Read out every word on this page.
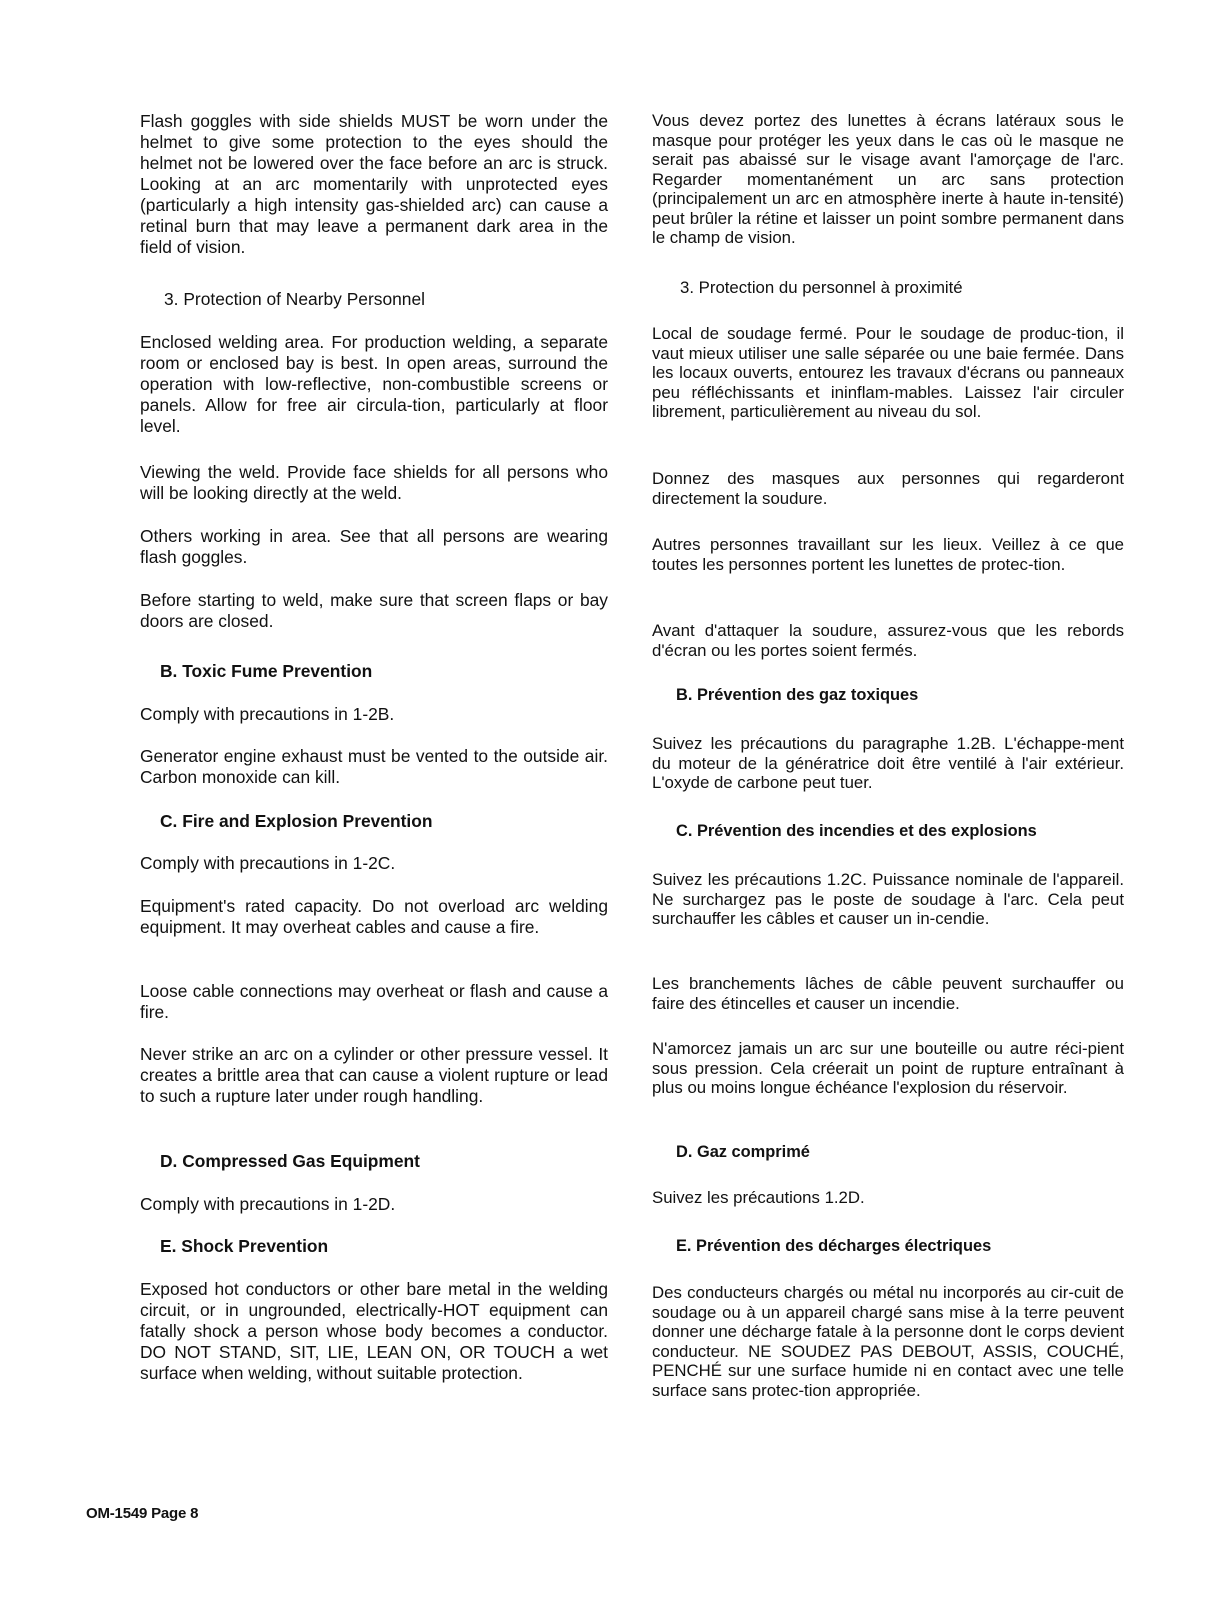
Flash goggles with side shields MUST be worn under the helmet to give some protection to the eyes should the helmet not be lowered over the face before an arc is struck. Looking at an arc momentarily with unprotected eyes (particularly a high intensity gas-shielded arc) can cause a retinal burn that may leave a permanent dark area in the field of vision.

3. Protection of Nearby Personnel

Enclosed welding area. For production welding, a separate room or enclosed bay is best. In open areas, surround the operation with low-reflective, non-combustible screens or panels. Allow for free air circula-tion, particularly at floor level.

Viewing the weld. Provide face shields for all persons who will be looking directly at the weld.

Others working in area. See that all persons are wearing flash goggles.

Before starting to weld, make sure that screen flaps or bay doors are closed.

B. Toxic Fume Prevention

Comply with precautions in 1-2B.

Generator engine exhaust must be vented to the outside air. Carbon monoxide can kill.

C. Fire and Explosion Prevention

Comply with precautions in 1-2C.

Equipment's rated capacity. Do not overload arc welding equipment. It may overheat cables and cause a fire.

Loose cable connections may overheat or flash and cause a fire.

Never strike an arc on a cylinder or other pressure vessel. It creates a brittle area that can cause a violent rupture or lead to such a rupture later under rough handling.

D. Compressed Gas Equipment

Comply with precautions in 1-2D.

E. Shock Prevention

Exposed hot conductors or other bare metal in the welding circuit, or in ungrounded, electrically-HOT equipment can fatally shock a person whose body becomes a conductor. DO NOT STAND, SIT, LIE, LEAN ON, OR TOUCH a wet surface when welding, without suitable protection.

Vous devez portez des lunettes à écrans latéraux sous le masque pour protéger les yeux dans le cas où le masque ne serait pas abaissé sur le visage avant l'amorçage de l'arc. Regarder momentanément un arc sans protection (principalement un arc en atmosphère inerte à haute in-tensité) peut brûler la rétine et laisser un point sombre permanent dans le champ de vision.

3. Protection du personnel à proximité

Local de soudage fermé. Pour le soudage de produc-tion, il vaut mieux utiliser une salle séparée ou une baie fermée. Dans les locaux ouverts, entourez les travaux d'écrans ou panneaux peu réfléchissants et ininflam-mables. Laissez l'air circuler librement, particulièrement au niveau du sol.

Donnez des masques aux personnes qui regarderont directement la soudure.

Autres personnes travaillant sur les lieux. Veillez à ce que toutes les personnes portent les lunettes de protec-tion.

Avant d'attaquer la soudure, assurez-vous que les rebords d'écran ou les portes soient fermés.

B. Prévention des gaz toxiques

Suivez les précautions du paragraphe 1.2B. L'échappe-ment du moteur de la génératrice doit être ventilé à l'air extérieur. L'oxyde de carbone peut tuer.

C. Prévention des incendies et des explosions

Suivez les précautions 1.2C. Puissance nominale de l'appareil. Ne surchargez pas le poste de soudage à l'arc. Cela peut surchauffer les câbles et causer un in-cendie.

Les branchements lâches de câble peuvent surchauffer ou faire des étincelles et causer un incendie.

N'amorcez jamais un arc sur une bouteille ou autre réci-pient sous pression. Cela créerait un point de rupture entraînant à plus ou moins longue échéance l'explosion du réservoir.

D. Gaz comprimé

Suivez les précautions 1.2D.

E. Prévention des décharges électriques

Des conducteurs chargés ou métal nu incorporés au cir-cuit de soudage ou à un appareil chargé sans mise à la terre peuvent donner une décharge fatale à la personne dont le corps devient conducteur. NE SOUDEZ PAS DEBOUT, ASSIS, COUCHÉ, PENCHÉ sur une surface humide ni en contact avec une telle surface sans protec-tion appropriée.

OM-1549 Page 8
